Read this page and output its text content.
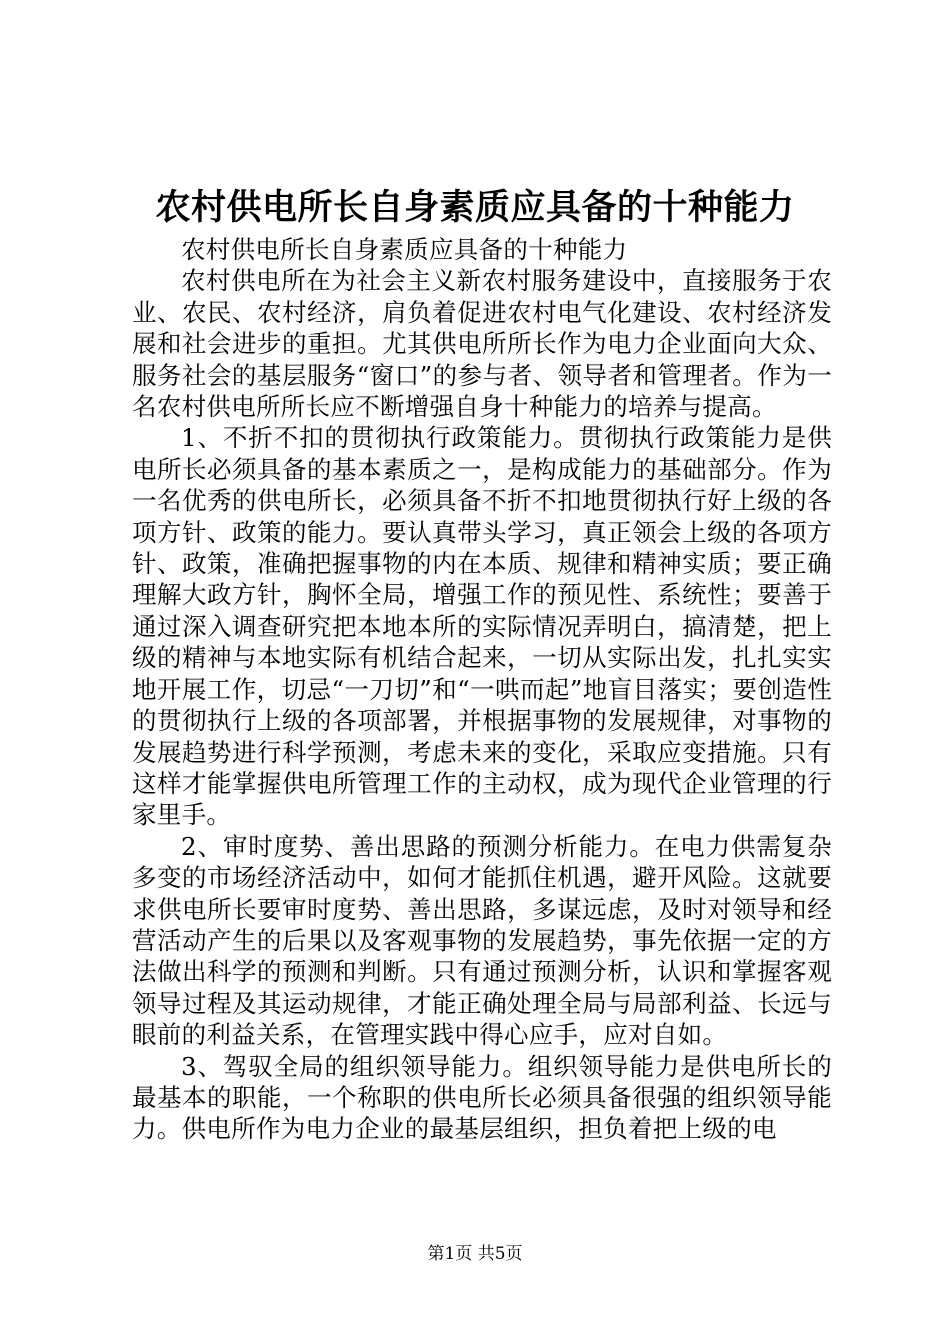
农村供电所长自身素质应具备的十种能力

农村供电所长自身素质应具备的十种能力

农村供电所在为社会主义新农村服务建设中，直接服务于农业、农民、农村经济，肩负着促进农村电气化建设、农村经济发展和社会进步的重担。尤其供电所所长作为电力企业面向大众、服务社会的基层服务“窗口”的参与者、领导者和管理者。作为一名农村供电所所长应不断增强自身十种能力的培养与提高。

1、不折不扣的贯彻执行政策能力。贯彻执行政策能力是供电所长必须具备的基本素质之一，是构成能力的基础部分。作为一名优秀的供电所长，必须具备不折不扣地贯彻执行好上级的各项方针、政策的能力。要认真带头学习，真正领会上级的各项方针、政策，准确把握事物的内在本质、规律和精神实质；要正确理解大政方针，胸怀全局，增强工作的预见性、系统性；要善于通过深入调查研究把本地本所的实际情况弄明白，搞清楚，把上级的精神与本地实际有机结合起来，一切从实际出发，扎扎实实地开展工作，切忌“一刀切”和“一哄而起”地盲目落实；要创造性的贯彻执行上级的各项部署，并根据事物的发展规律，对事物的发展趋势进行科学预测，考虑未来的变化，采取应变措施。只有这样才能掌握供电所管理工作的主动权，成为现代企业管理的行家里手。

2、审时度势、善出思路的预测分析能力。在电力供需复杂多变的市场经济活动中，如何才能抓住机遇，避开风险。这就要求供电所长要审时度势、善出思路，多谋远虑，及时对领导和经营活动产生的后果以及客观事物的发展趋势，事先依据一定的方法做出科学的预测和判断。只有通过预测分析，认识和掌握客观领导过程及其运动规律，才能正确处理全局与局部利益、长远与眼前的利益关系，在管理实践中得心应手，应对自如。

3、驾驭全局的组织领导能力。组织领导能力是供电所长的最基本的职能，一个称职的供电所长必须具备很强的组织领导能力。供电所作为电力企业的最基层组织，担负着把上级的电

第1页 共5页
